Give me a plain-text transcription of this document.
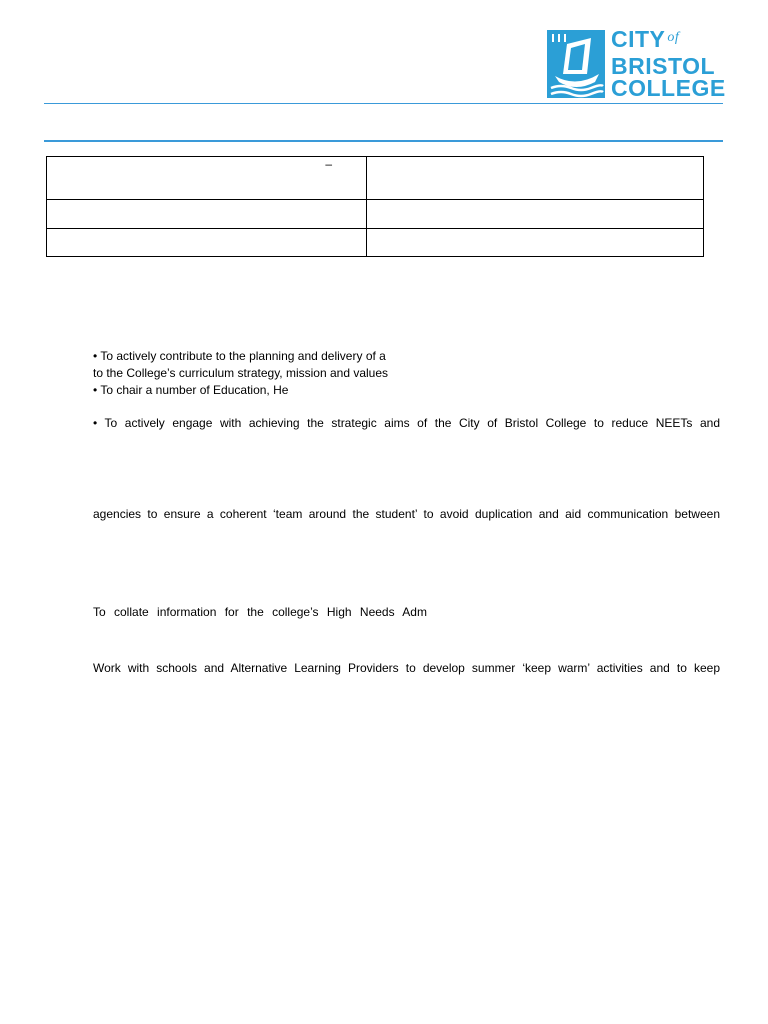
CITY $^{of}$
BRISTOL
COLLEGE
–	

• To actively contribute to the planning and delivery of a
to the College’s curriculum strategy, mission and values
• To chair a number of Education, He
• To actively engage with achieving the strategic aims of the City of Bristol College to reduce NEETs and
agencies to ensure a coherent ‘team around the student’ to avoid duplication and aid communication between
To collate information for the college’s High Needs Adm
Work with schools and Alternative Learning Providers to develop summer ‘keep warm’ activities and to keep
